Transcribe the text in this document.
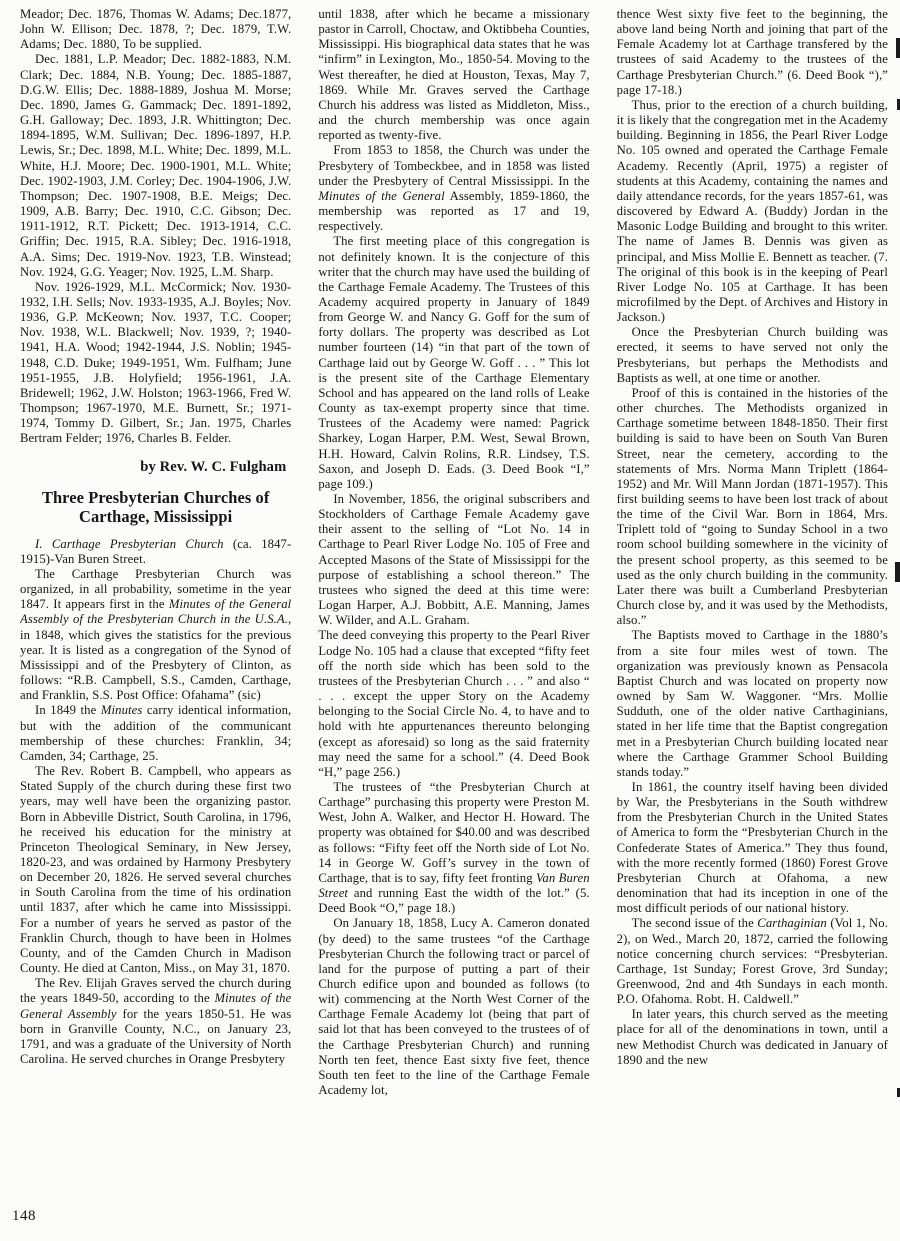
Meador; Dec. 1876, Thomas W. Adams; Dec.1877, John W. Ellison; Dec. 1878, ?; Dec. 1879, T.W. Adams; Dec. 1880, To be supplied.

Dec. 1881, L.P. Meador; Dec. 1882-1883, N.M. Clark; Dec. 1884, N.B. Young; Dec. 1885-1887, D.G.W. Ellis; Dec. 1888-1889, Joshua M. Morse; Dec. 1890, James G. Gammack; Dec. 1891-1892, G.H. Galloway; Dec. 1893, J.R. Whittington; Dec. 1894-1895, W.M. Sullivan; Dec. 1896-1897, H.P. Lewis, Sr.; Dec. 1898, M.L. White; Dec. 1899, M.L. White, H.J. Moore; Dec. 1900-1901, M.L. White; Dec. 1902-1903, J.M. Corley; Dec. 1904-1906, J.W. Thompson; Dec. 1907-1908, B.E. Meigs; Dec. 1909, A.B. Barry; Dec. 1910, C.C. Gibson; Dec. 1911-1912, R.T. Pickett; Dec. 1913-1914, C.C. Griffin; Dec. 1915, R.A. Sibley; Dec. 1916-1918, A.A. Sims; Dec. 1919-Nov. 1923, T.B. Winstead; Nov. 1924, G.G. Yeager; Nov. 1925, L.M. Sharp.

Nov. 1926-1929, M.L. McCormick; Nov. 1930-1932, I.H. Sells; Nov. 1933-1935, A.J. Boyles; Nov. 1936, G.P. McKeown; Nov. 1937, T.C. Cooper; Nov. 1938, W.L. Blackwell; Nov. 1939, ?; 1940-1941, H.A. Wood; 1942-1944, J.S. Noblin; 1945-1948, C.D. Duke; 1949-1951, Wm. Fulfham; June 1951-1955, J.B. Holyfield; 1956-1961, J.A. Bridewell; 1962, J.W. Holston; 1963-1966, Fred W. Thompson; 1967-1970, M.E. Burnett, Sr.; 1971-1974, Tommy D. Gilbert, Sr.; Jan. 1975, Charles Bertram Felder; 1976, Charles B. Felder.

by Rev. W. C. Fulgham

Three Presbyterian Churches of Carthage, Mississippi

I. Carthage Presbyterian Church (ca. 1847-1915)-Van Buren Street.

The Carthage Presbyterian Church was organized, in all probability, sometime in the year 1847. It appears first in the Minutes of the General Assembly of the Presbyterian Church in the U.S.A., in 1848, which gives the statistics for the previous year. It is listed as a congregation of the Synod of Mississippi and of the Presbytery of Clinton, as follows: “R.B. Campbell, S.S., Camden, Carthage, and Franklin, S.S. Post Office: Ofahama” (sic)

In 1849 the Minutes carry identical information, but with the addition of the communicant membership of these churches: Franklin, 34; Camden, 34; Carthage, 25.

The Rev. Robert B. Campbell, who appears as Stated Supply of the church during these first two years, may well have been the organizing pastor. Born in Abbeville District, South Carolina, in 1796, he received his education for the ministry at Princeton Theological Seminary, in New Jersey, 1820-23, and was ordained by Harmony Presbytery on December 20, 1826. He served several churches in South Carolina from the time of his ordination until 1837, after which he came into Mississippi. For a number of years he served as pastor of the Franklin Church, though to have been in Holmes County, and of the Camden Church in Madison County. He died at Canton, Miss., on May 31, 1870.

The Rev. Elijah Graves served the church during the years 1849-50, according to the Minutes of the General Assembly for the years 1850-51. He was born in Granville County, N.C., on January 23, 1791, and was a graduate of the University of North Carolina. He served churches in Orange Presbytery

until 1838, after which he became a missionary pastor in Carroll, Choctaw, and Oktibbeha Counties, Mississippi. His biographical data states that he was “infirm” in Lexington, Mo., 1850-54. Moving to the West thereafter, he died at Houston, Texas, May 7, 1869. While Mr. Graves served the Carthage Church his address was listed as Middleton, Miss., and the church membership was once again reported as twenty-five.

From 1853 to 1858, the Church was under the Presbytery of Tombeckbee, and in 1858 was listed under the Presbytery of Central Mississippi. In the Minutes of the General Assembly, 1859-1860, the membership was reported as 17 and 19, respectively.

The first meeting place of this congregation is not definitely known. It is the conjecture of this writer that the church may have used the building of the Carthage Female Academy. The Trustees of this Academy acquired property in January of 1849 from George W. and Nancy G. Goff for the sum of forty dollars. The property was described as Lot number fourteen (14) “in that part of the town of Carthage laid out by George W. Goff . . . ” This lot is the present site of the Carthage Elementary School and has appeared on the land rolls of Leake County as tax-exempt property since that time. Trustees of the Academy were named: Pagrick Sharkey, Logan Harper, P.M. West, Sewal Brown, H.H. Howard, Calvin Rolins, R.R. Lindsey, T.S. Saxon, and Joseph D. Eads. (3. Deed Book “I,” page 109.)

In November, 1856, the original subscribers and Stockholders of Carthage Female Academy gave their assent to the selling of “Lot No. 14 in Carthage to Pearl River Lodge No. 105 of Free and Accepted Masons of the State of Mississippi for the purpose of establishing a school thereon.” The trustees who signed the deed at this time were: Logan Harper, A.J. Bobbitt, A.E. Manning, James W. Wilder, and A.L. Graham.

The deed conveying this property to the Pearl River Lodge No. 105 had a clause that excepted “fifty feet off the north side which has been sold to the trustees of the Presbyterian Church . . . ” and also “ . . . except the upper Story on the Academy belonging to the Social Circle No. 4, to have and to hold with hte appurtenances thereunto belonging (except as aforesaid) so long as the said fraternity may need the same for a school.” (4. Deed Book “H,” page 256.)

The trustees of “the Presbyterian Church at Carthage” purchasing this property were Preston M. West, John A. Walker, and Hector H. Howard. The property was obtained for $40.00 and was described as follows: “Fifty feet off the North side of Lot No. 14 in George W. Goff’s survey in the town of Carthage, that is to say, fifty feet fronting Van Buren Street and running East the width of the lot.” (5. Deed Book “O,” page 18.)

On January 18, 1858, Lucy A. Cameron donated (by deed) to the same trustees “of the Carthage Presbyterian Church the following tract or parcel of land for the purpose of putting a part of their Church edifice upon and bounded as follows (to wit) commencing at the North West Corner of the Carthage Female Academy lot (being that part of said lot that has been conveyed to the trustees of of the Carthage Presbyterian Church) and running North ten feet, thence East sixty five feet, thence South ten feet to the line of the Carthage Female Academy lot,

thence West sixty five feet to the beginning, the above land being North and joining that part of the Female Academy lot at Carthage transfered by the trustees of said Academy to the trustees of the Carthage Presbyterian Church.” (6. Deed Book “),” page 17-18.)

Thus, prior to the erection of a church building, it is likely that the congregation met in the Academy building. Beginning in 1856, the Pearl River Lodge No. 105 owned and operated the Carthage Female Academy. Recently (April, 1975) a register of students at this Academy, containing the names and daily attendance records, for the years 1857-61, was discovered by Edward A. (Buddy) Jordan in the Masonic Lodge Building and brought to this writer. The name of James B. Dennis was given as principal, and Miss Mollie E. Bennett as teacher. (7. The original of this book is in the keeping of Pearl River Lodge No. 105 at Carthage. It has been microfilmed by the Dept. of Archives and History in Jackson.)

Once the Presbyterian Church building was erected, it seems to have served not only the Presbyterians, but perhaps the Methodists and Baptists as well, at one time or another.

Proof of this is contained in the histories of the other churches. The Methodists organized in Carthage sometime between 1848-1850. Their first building is said to have been on South Van Buren Street, near the cemetery, according to the statements of Mrs. Norma Mann Triplett (1864-1952) and Mr. Will Mann Jordan (1871-1957). This first building seems to have been lost track of about the time of the Civil War. Born in 1864, Mrs. Triplett told of “going to Sunday School in a two room school building somewhere in the vicinity of the present school property, as this seemed to be used as the only church building in the community. Later there was built a Cumberland Presbyterian Church close by, and it was used by the Methodists, also.”

The Baptists moved to Carthage in the 1880’s from a site four miles west of town. The organization was previously known as Pensacola Baptist Church and was located on property now owned by Sam W. Waggoner. “Mrs. Mollie Sudduth, one of the older native Carthaginians, stated in her life time that the Baptist congregation met in a Presbyterian Church building located near where the Carthage Grammer School Building stands today.”

In 1861, the country itself having been divided by War, the Presbyterians in the South withdrew from the Presbyterian Church in the United States of America to form the “Presbyterian Church in the Confederate States of America.” They thus found, with the more recently formed (1860) Forest Grove Presbyterian Church at Ofahoma, a new denomination that had its inception in one of the most difficult periods of our national history.

The second issue of the Carthaginian (Vol 1, No. 2), on Wed., March 20, 1872, carried the following notice concerning church services: “Presbyterian. Carthage, 1st Sunday; Forest Grove, 3rd Sunday; Greenwood, 2nd and 4th Sundays in each month. P.O. Ofahoma. Robt. H. Caldwell.”

In later years, this church served as the meeting place for all of the denominations in town, until a new Methodist Church was dedicated in January of 1890 and the new

148
